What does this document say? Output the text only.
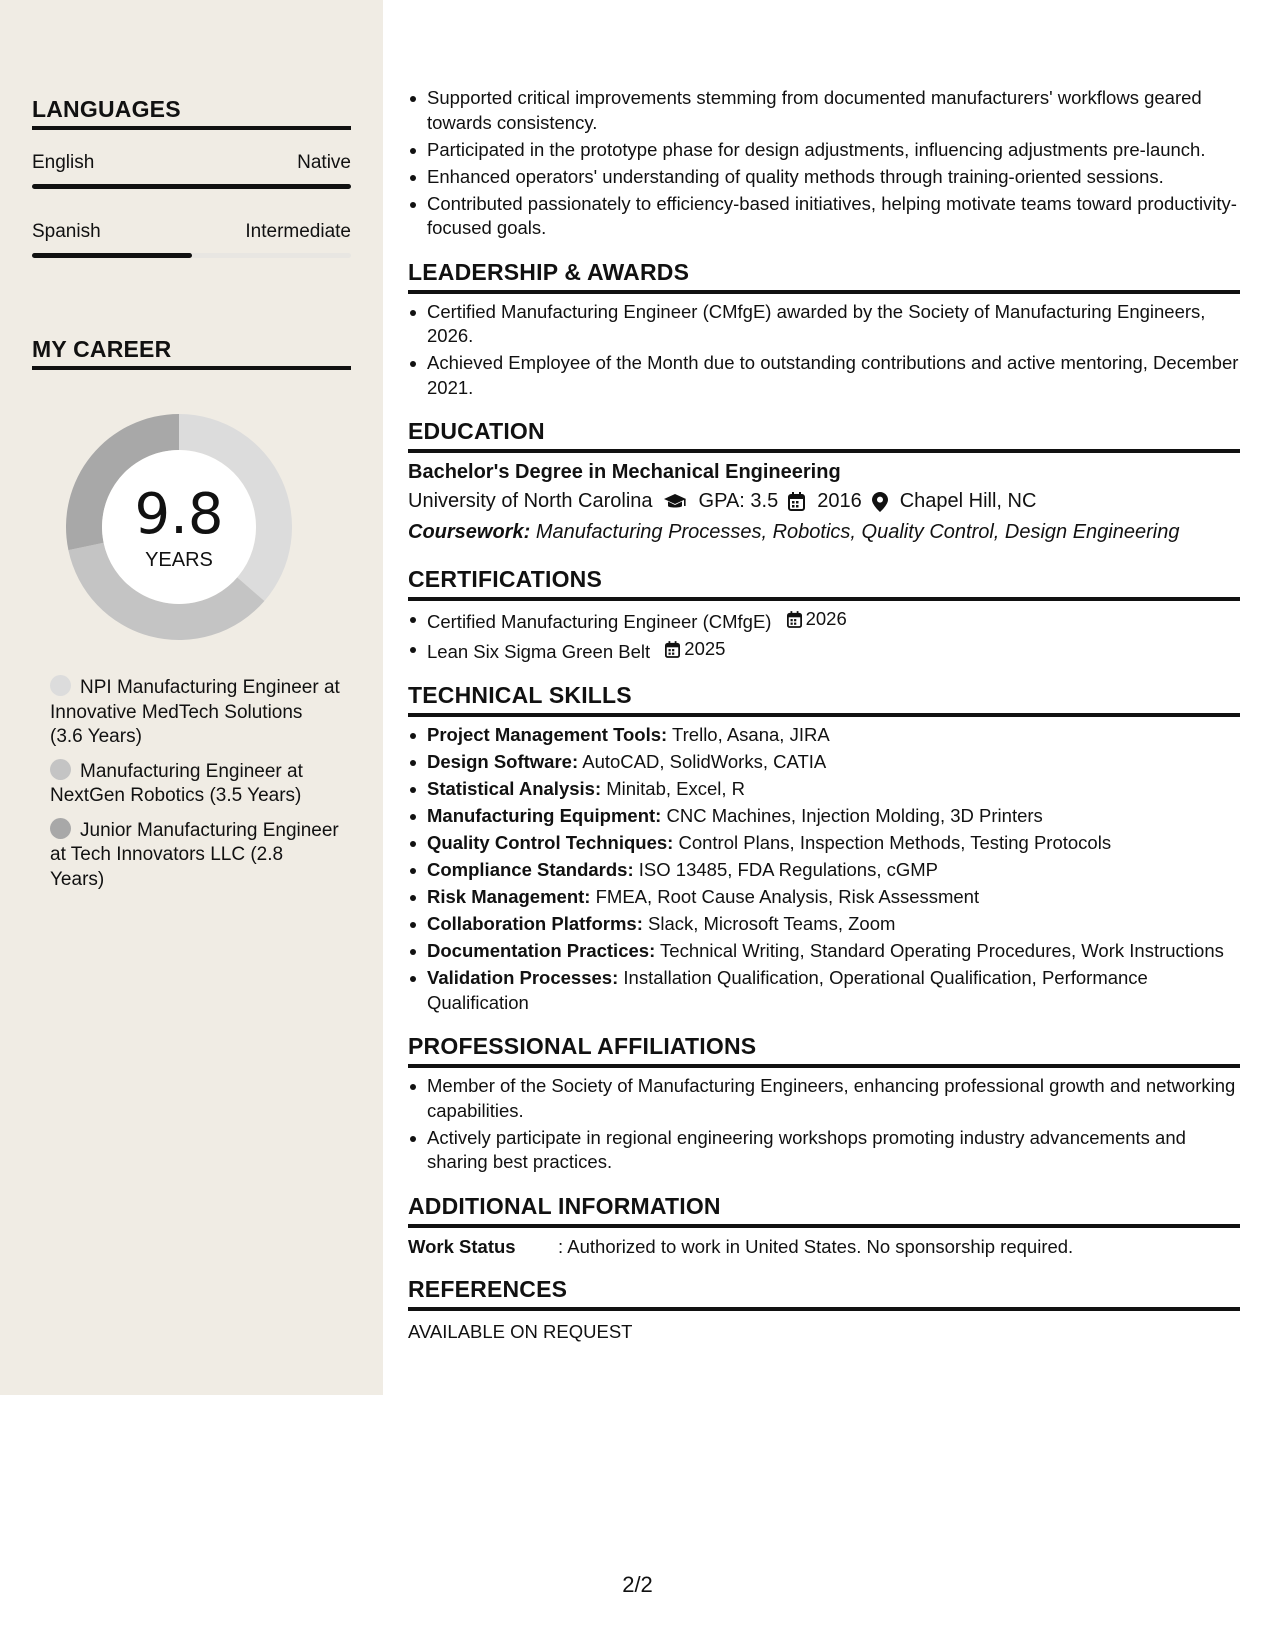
LANGUAGES
English	Native
Spanish	Intermediate
MY CAREER
9.8
YEARS
NPI Manufacturing Engineer at Innovative MedTech Solutions (3.6 Years)
Manufacturing Engineer at NextGen Robotics (3.5 Years)
Junior Manufacturing Engineer at Tech Innovators LLC (2.8 Years)
Supported critical improvements stemming from documented manufacturers' workflows geared towards consistency.
Participated in the prototype phase for design adjustments, influencing adjustments pre-launch.
Enhanced operators' understanding of quality methods through training-oriented sessions.
Contributed passionately to efficiency-based initiatives, helping motivate teams toward productivity-focused goals.
LEADERSHIP & AWARDS
Certified Manufacturing Engineer (CMfgE) awarded by the Society of Manufacturing Engineers, 2026.
Achieved Employee of the Month due to outstanding contributions and active mentoring, December 2021.
EDUCATION
Bachelor's Degree in Mechanical Engineering
University of North Carolina GPA: 3.5 2016 Chapel Hill, NC
Coursework: Manufacturing Processes, Robotics, Quality Control, Design Engineering
CERTIFICATIONS
Certified Manufacturing Engineer (CMfgE) 2026
Lean Six Sigma Green Belt 2025
TECHNICAL SKILLS
Project Management Tools: Trello, Asana, JIRA
Design Software: AutoCAD, SolidWorks, CATIA
Statistical Analysis: Minitab, Excel, R
Manufacturing Equipment: CNC Machines, Injection Molding, 3D Printers
Quality Control Techniques: Control Plans, Inspection Methods, Testing Protocols
Compliance Standards: ISO 13485, FDA Regulations, cGMP
Risk Management: FMEA, Root Cause Analysis, Risk Assessment
Collaboration Platforms: Slack, Microsoft Teams, Zoom
Documentation Practices: Technical Writing, Standard Operating Procedures, Work Instructions
Validation Processes: Installation Qualification, Operational Qualification, Performance Qualification
PROFESSIONAL AFFILIATIONS
Member of the Society of Manufacturing Engineers, enhancing professional growth and networking capabilities.
Actively participate in regional engineering workshops promoting industry advancements and sharing best practices.
ADDITIONAL INFORMATION
Work Status	: Authorized to work in United States. No sponsorship required.
REFERENCES
AVAILABLE ON REQUEST
2/2
